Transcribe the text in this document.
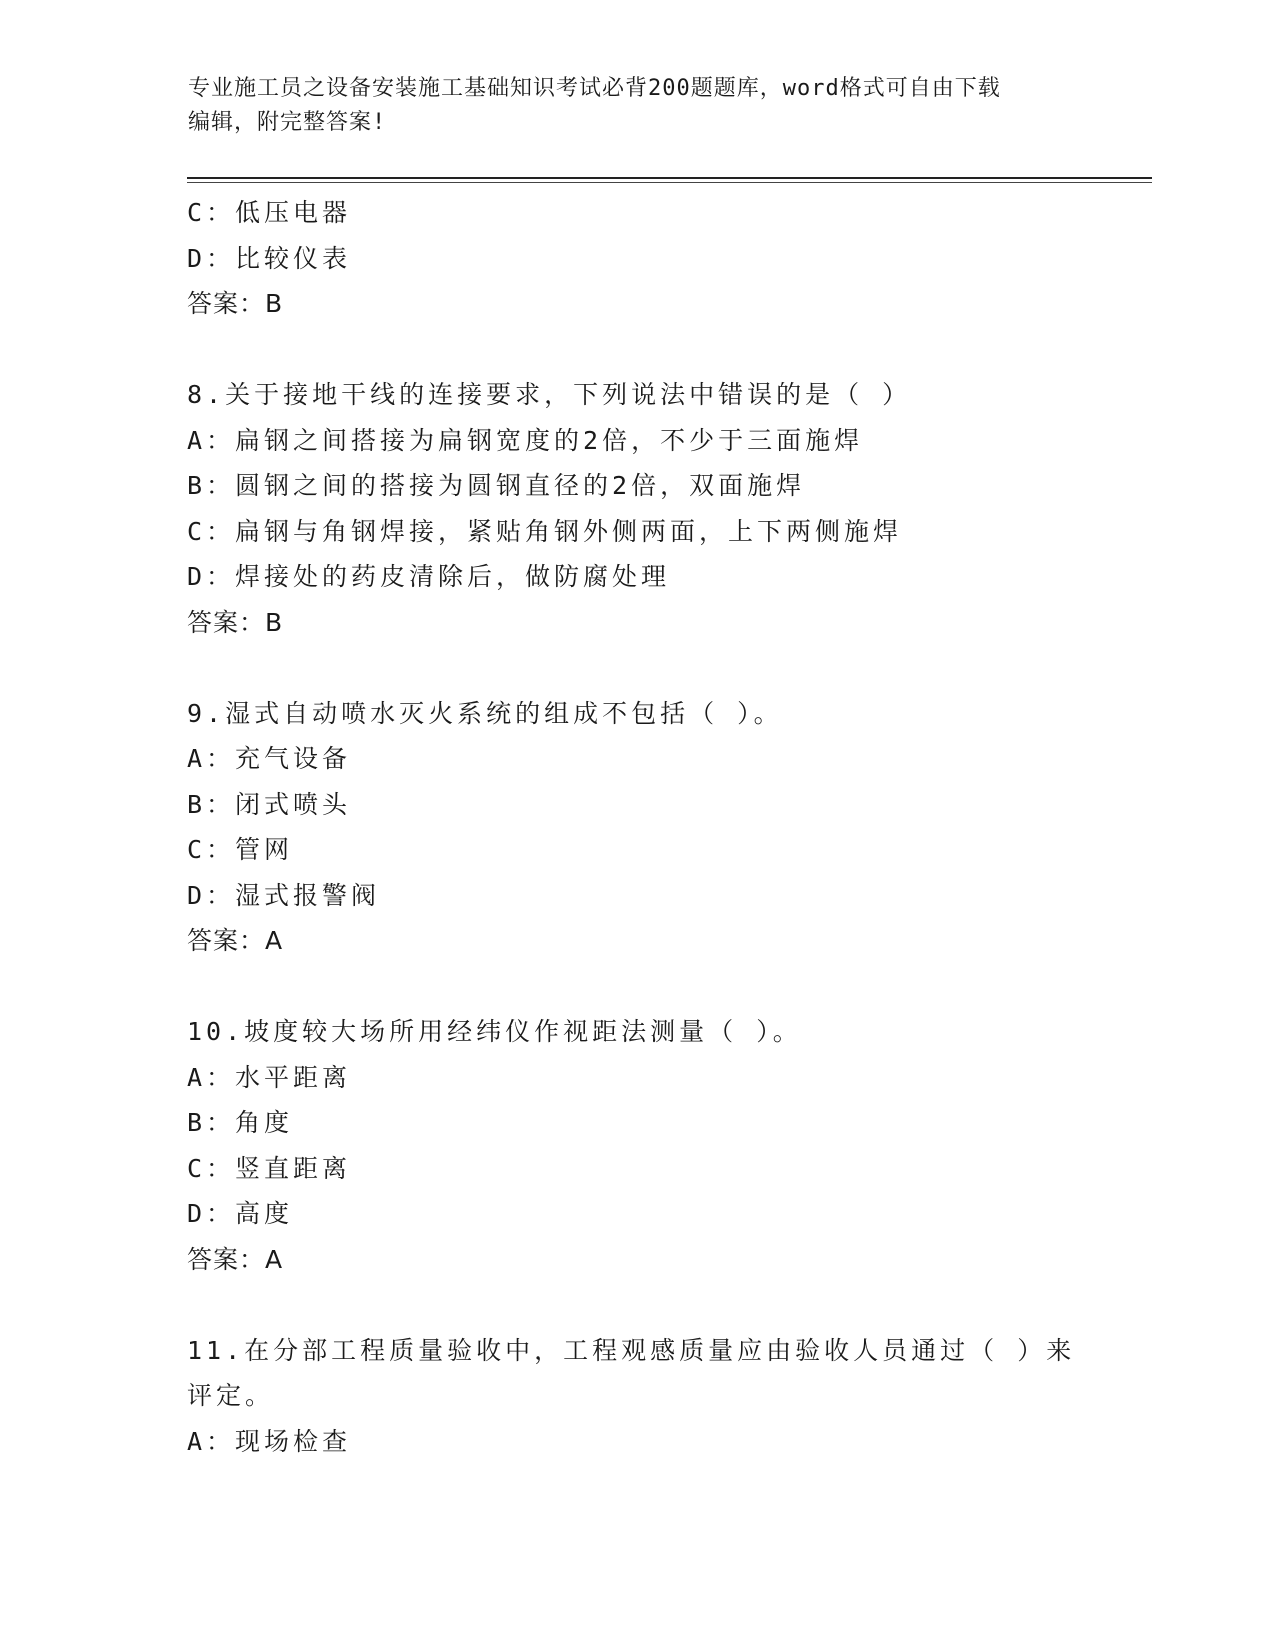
专业施工员之设备安装施工基础知识考试必背200题题库，word格式可自由下载
编辑，附完整答案!
C：低压电器
D：比较仪表
答案：B
8.关于接地干线的连接要求，下列说法中错误的是（ ）
A：扁钢之间搭接为扁钢宽度的2倍，不少于三面施焊
B：圆钢之间的搭接为圆钢直径的2倍，双面施焊
C：扁钢与角钢焊接，紧贴角钢外侧两面，上下两侧施焊
D：焊接处的药皮清除后，做防腐处理
答案：B
9.湿式自动喷水灭火系统的组成不包括（ ）。
A：充气设备
B：闭式喷头
C：管网
D：湿式报警阀
答案：A
10.坡度较大场所用经纬仪作视距法测量（ ）。
A：水平距离
B：角度
C：竖直距离
D：高度
答案：A
11.在分部工程质量验收中，工程观感质量应由验收人员通过（ ）来
评定。
A：现场检查
